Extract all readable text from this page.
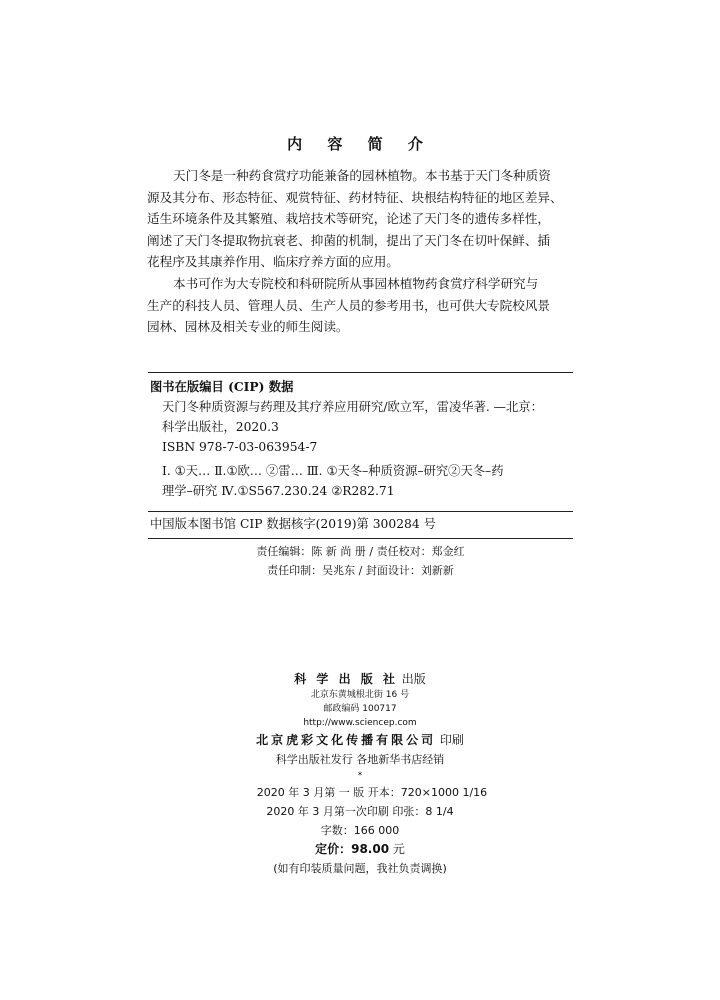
内 容 简 介
天门冬是一种药食赏疗功能兼备的园林植物。本书基于天门冬种质资
源及其分布、形态特征、观赏特征、药材特征、块根结构特征的地区差异、
适生环境条件及其繁殖、栽培技术等研究，论述了天门冬的遗传多样性，
阐述了天门冬提取物抗衰老、抑菌的机制，提出了天门冬在切叶保鲜、插
花程序及其康养作用、临床疗养方面的应用。
本书可作为大专院校和科研院所从事园林植物药食赏疗科学研究与
生产的科技人员、管理人员、生产人员的参考用书，也可供大专院校风景
园林、园林及相关专业的师生阅读。
图书在版编目 (CIP) 数据
天门冬种质资源与药理及其疗养应用研究/欧立军，雷凌华著. —北京：
科学出版社，2020.3
ISBN 978-7-03-063954-7
Ⅰ. ①天… Ⅱ.①欧… ②雷… Ⅲ. ①天冬–种质资源–研究②天冬–药
理学–研究 Ⅳ.①S567.230.24 ②R282.71
中国版本图书馆 CIP 数据核字(2019)第 300284 号
责任编辑：陈 新 尚 册 / 责任校对：郑金红
责任印制：吴兆东 / 封面设计：刘新新
科 学 出 版 社 出版
北京东黄城根北街 16 号
邮政编码 100717
http://www.sciencep.com
北京虎彩文化传播有限公司 印刷
科学出版社发行 各地新华书店经销
*
2020 年 3 月第 一 版 开本：720×1000 1/16
2020 年 3 月第一次印刷 印张：8 1/4
字数：166 000
定价：98.00 元
(如有印装质量问题，我社负责调换)
